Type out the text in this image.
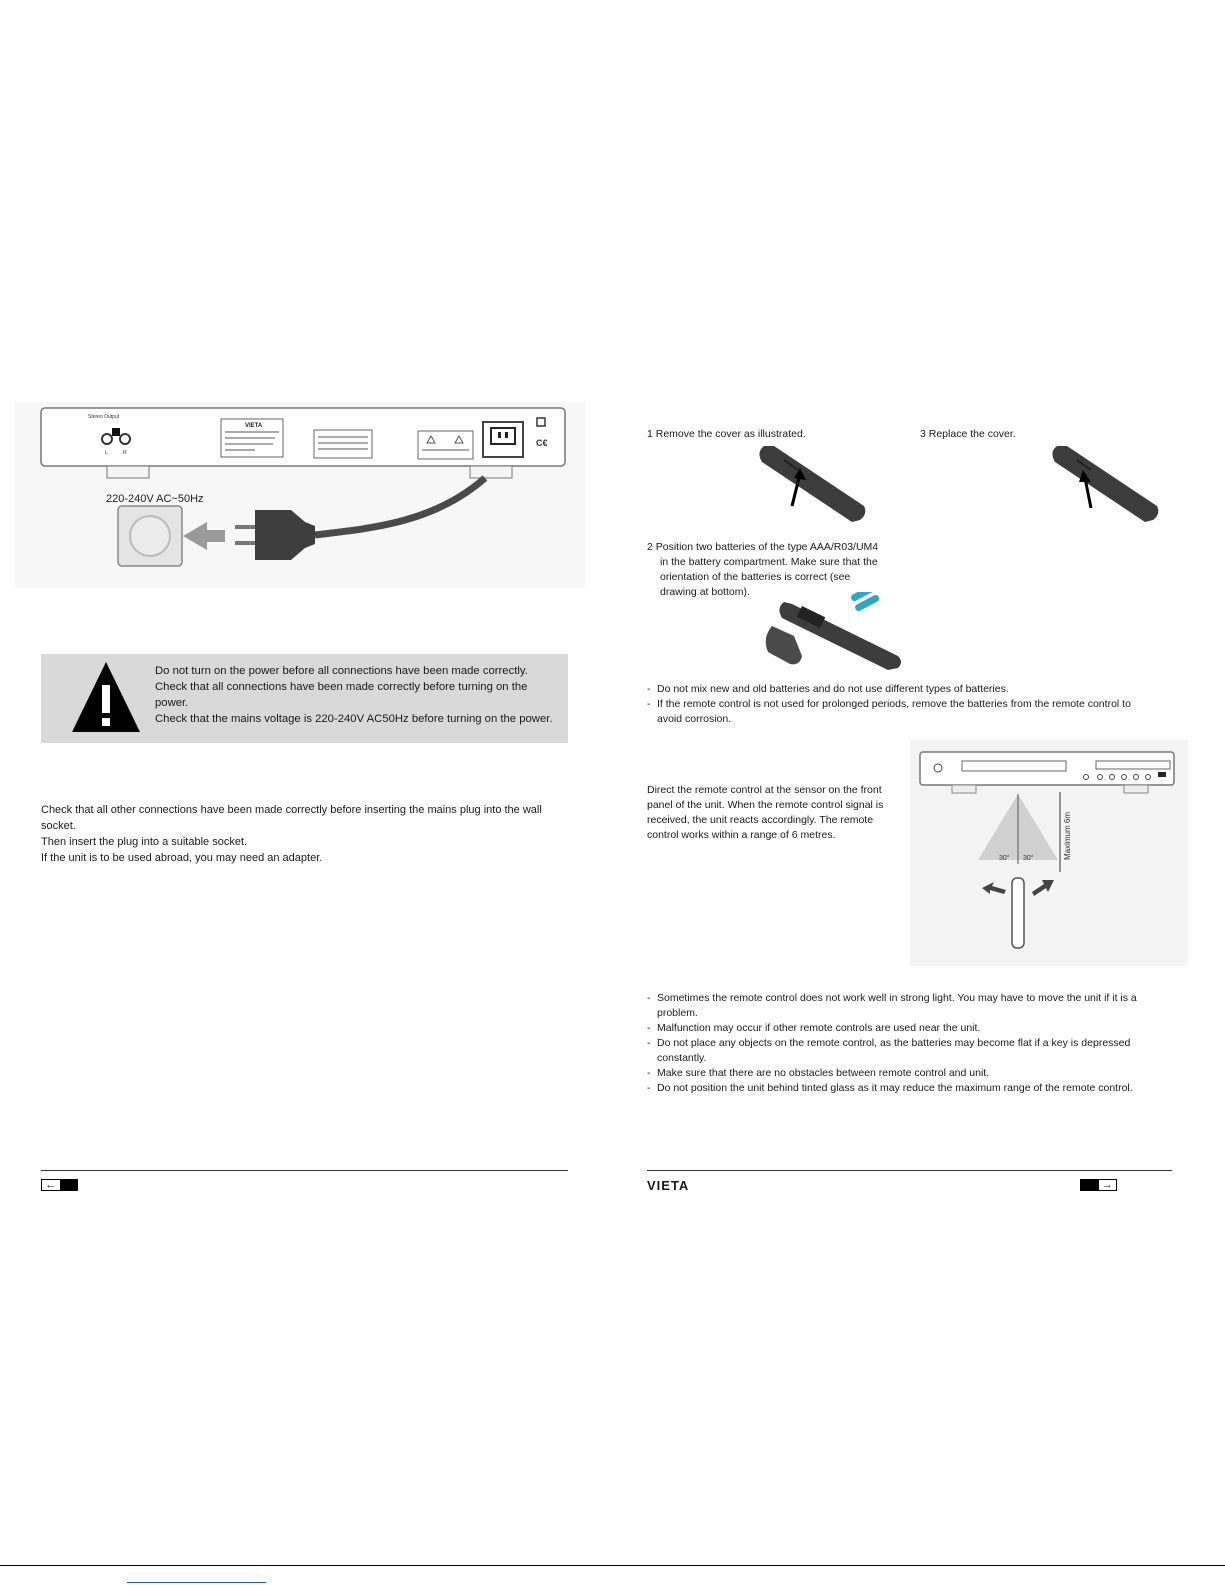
Stereo Output
L	R
VIETA
C€
220-240V AC~50Hz
Do not turn on the power before all connections have been made correctly.
Check that all connections have been made correctly before turning on the
power.
Check that the mains voltage is 220-240V AC50Hz before turning on the power.
Check that all other connections have been made correctly before inserting the mains plug into the wall
socket.
Then insert the plug into a suitable socket.
If the unit is to be used abroad, you may need an adapter.
←
1 Remove the cover as illustrated.	3 Replace the cover.
2 Position two batteries of the type AAA/R03/UM4
in the battery compartment. Make sure that the
orientation of the batteries is correct (see
drawing at bottom).
- Do not mix new and old batteries and do not use different types of batteries.
- If the remote control is not used for prolonged periods, remove the batteries from the remote control to
avoid corrosion.
Direct the remote control at the sensor on the front
panel of the unit. When the remote control signal is
received, the unit reacts accordingly. The remote
control works within a range of 6 metres.
30° 30°	Maximum 6m
- Sometimes the remote control does not work well in strong light. You may have to move the unit if it is a
problem.
- Malfunction may occur if other remote controls are used near the unit.
- Do not place any objects on the remote control, as the batteries may become flat if a key is depressed
constantly.
- Make sure that there are no obstacles between remote control and unit.
- Do not position the unit behind tinted glass as it may reduce the maximum range of the remote control.
VIETA	→
